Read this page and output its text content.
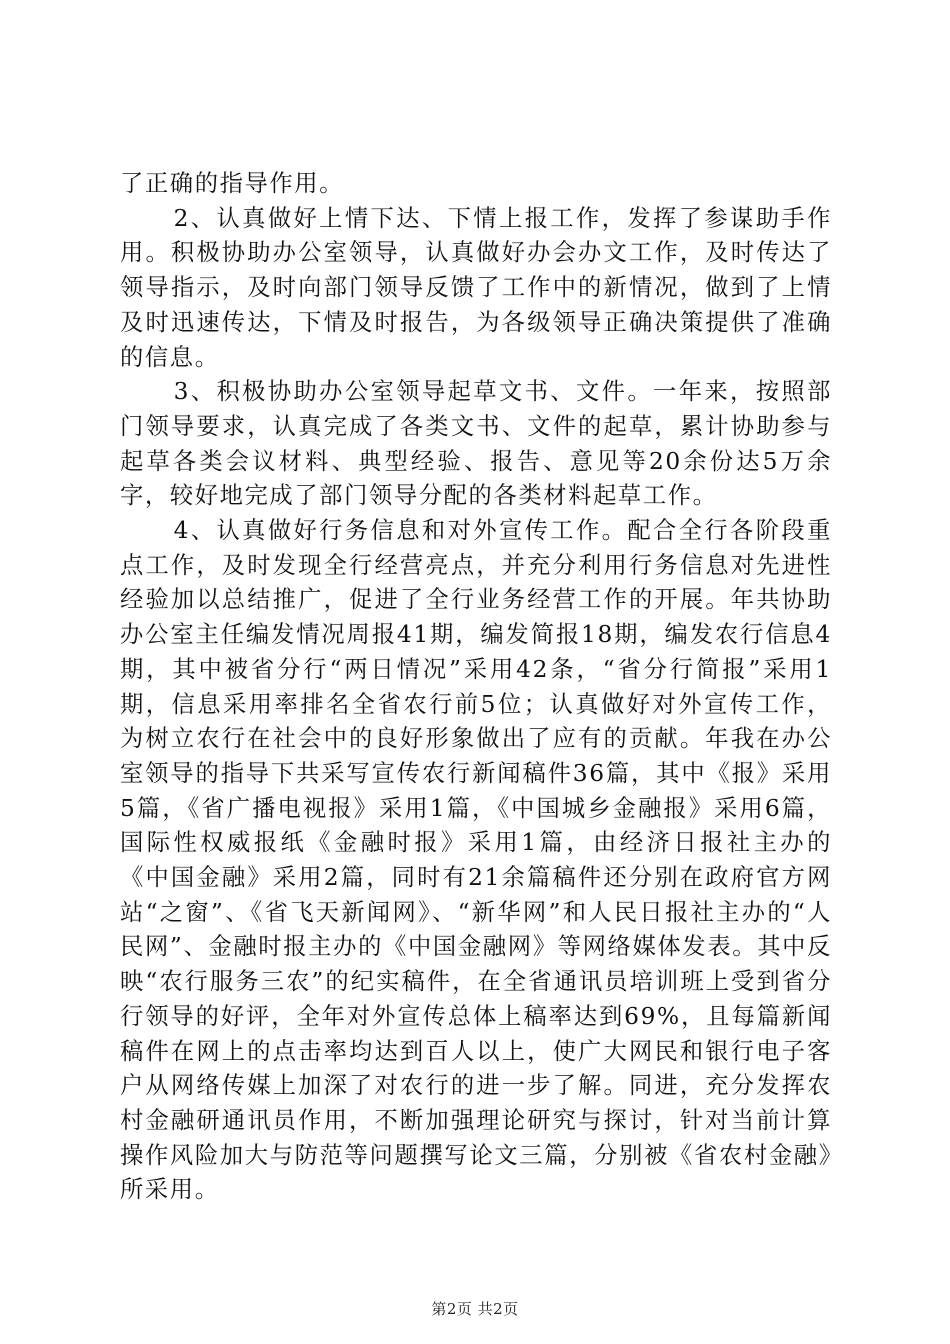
了正确的指导作用。

2、认真做好上情下达、下情上报工作，发挥了参谋助手作用。积极协助办公室领导，认真做好办会办文工作，及时传达了领导指示，及时向部门领导反馈了工作中的新情况，做到了上情及时迅速传达，下情及时报告，为各级领导正确决策提供了准确的信息。

3、积极协助办公室领导起草文书、文件。一年来，按照部门领导要求，认真完成了各类文书、文件的起草，累计协助参与起草各类会议材料、典型经验、报告、意见等20余份达5万余字，较好地完成了部门领导分配的各类材料起草工作。

4、认真做好行务信息和对外宣传工作。配合全行各阶段重点工作，及时发现全行经营亮点，并充分利用行务信息对先进性经验加以总结推广，促进了全行业务经营工作的开展。年共协助办公室主任编发情况周报41期，编发简报18期，编发农行信息4期，其中被省分行“两日情况”采用42条，“省分行简报”采用1期，信息采用率排名全省农行前5位；认真做好对外宣传工作，为树立农行在社会中的良好形象做出了应有的贡献。年我在办公室领导的指导下共采写宣传农行新闻稿件36篇，其中《报》采用5篇，《省广播电视报》采用1篇，《中国城乡金融报》采用6篇，国际性权威报纸《金融时报》采用1篇，由经济日报社主办的《中国金融》采用2篇，同时有21余篇稿件还分别在政府官方网站“之窗”、《省飞天新闻网》、“新华网”和人民日报社主办的“人民网”、金融时报主办的《中国金融网》等网络媒体发表。其中反映“农行服务三农”的纪实稿件，在全省通讯员培训班上受到省分行领导的好评，全年对外宣传总体上稿率达到69%，且每篇新闻稿件在网上的点击率均达到百人以上，使广大网民和银行电子客户从网络传媒上加深了对农行的进一步了解。同进，充分发挥农村金融研通讯员作用，不断加强理论研究与探讨，针对当前计算操作风险加大与防范等问题撰写论文三篇，分别被《省农村金融》所采用。

第2页 共2页
